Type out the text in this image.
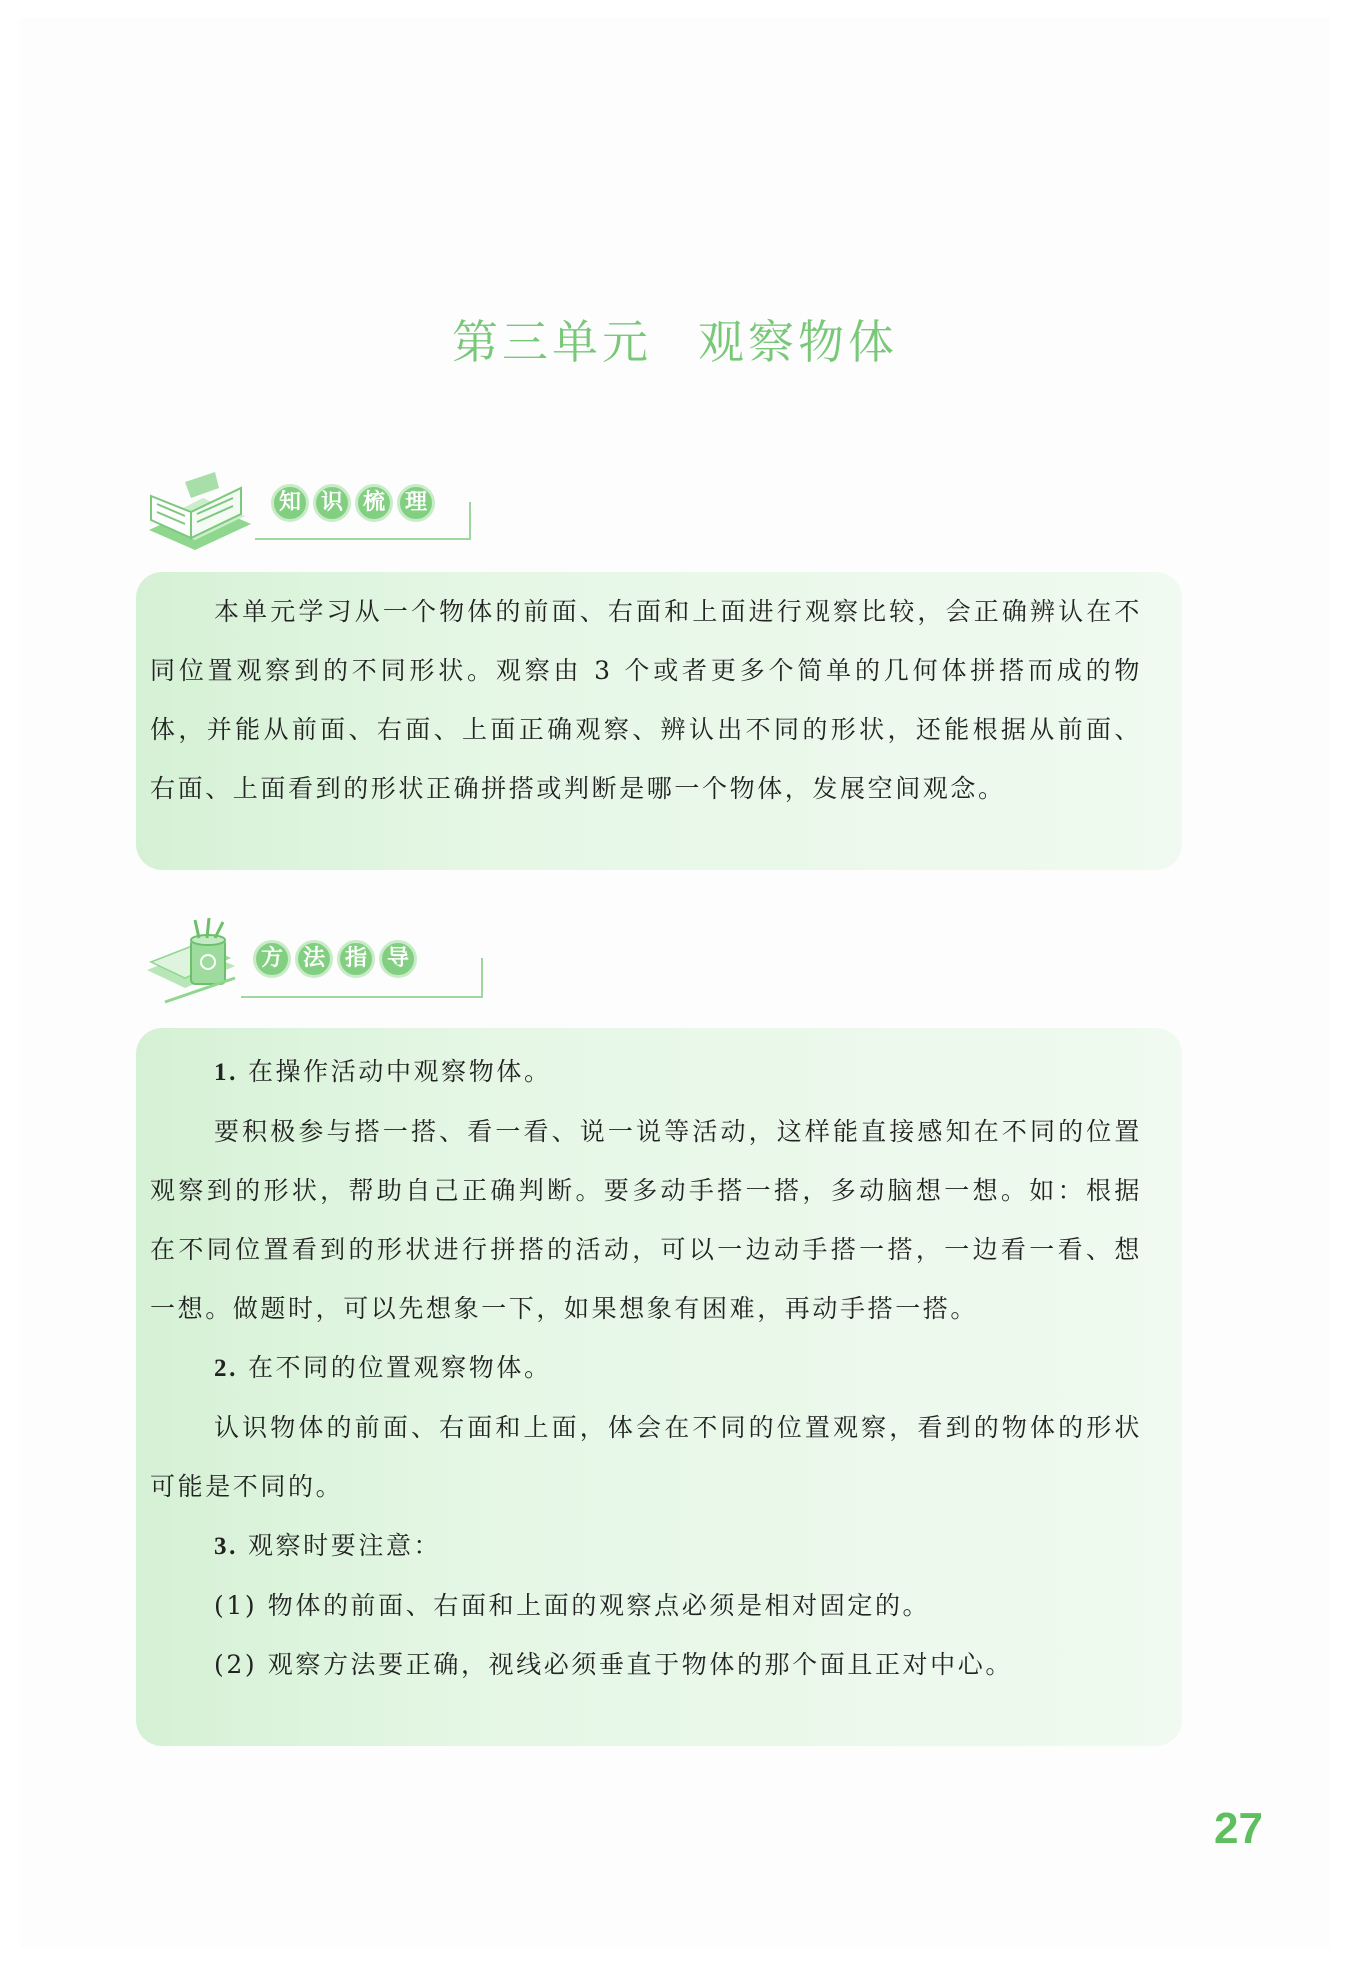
第三单元 观察物体
知 识 梳 理

本单元学习从一个物体的前面、右面和上面进行观察比较，会正确辨认在不同位置观察到的不同形状。观察由 3 个或者更多个简单的几何体拼搭而成的物体，并能从前面、右面、上面正确观察、辨认出不同的形状，还能根据从前面、右面、上面看到的形状正确拼搭或判断是哪一个物体，发展空间观念。

方 法 指 导

1. 在操作活动中观察物体。

要积极参与搭一搭、看一看、说一说等活动，这样能直接感知在不同的位置观察到的形状，帮助自己正确判断。要多动手搭一搭，多动脑想一想。如：根据在不同位置看到的形状进行拼搭的活动，可以一边动手搭一搭，一边看一看、想一想。做题时，可以先想象一下，如果想象有困难，再动手搭一搭。

2. 在不同的位置观察物体。

认识物体的前面、右面和上面，体会在不同的位置观察，看到的物体的形状可能是不同的。

3. 观察时要注意：

(1) 物体的前面、右面和上面的观察点必须是相对固定的。

(2) 观察方法要正确，视线必须垂直于物体的那个面且正对中心。

27
